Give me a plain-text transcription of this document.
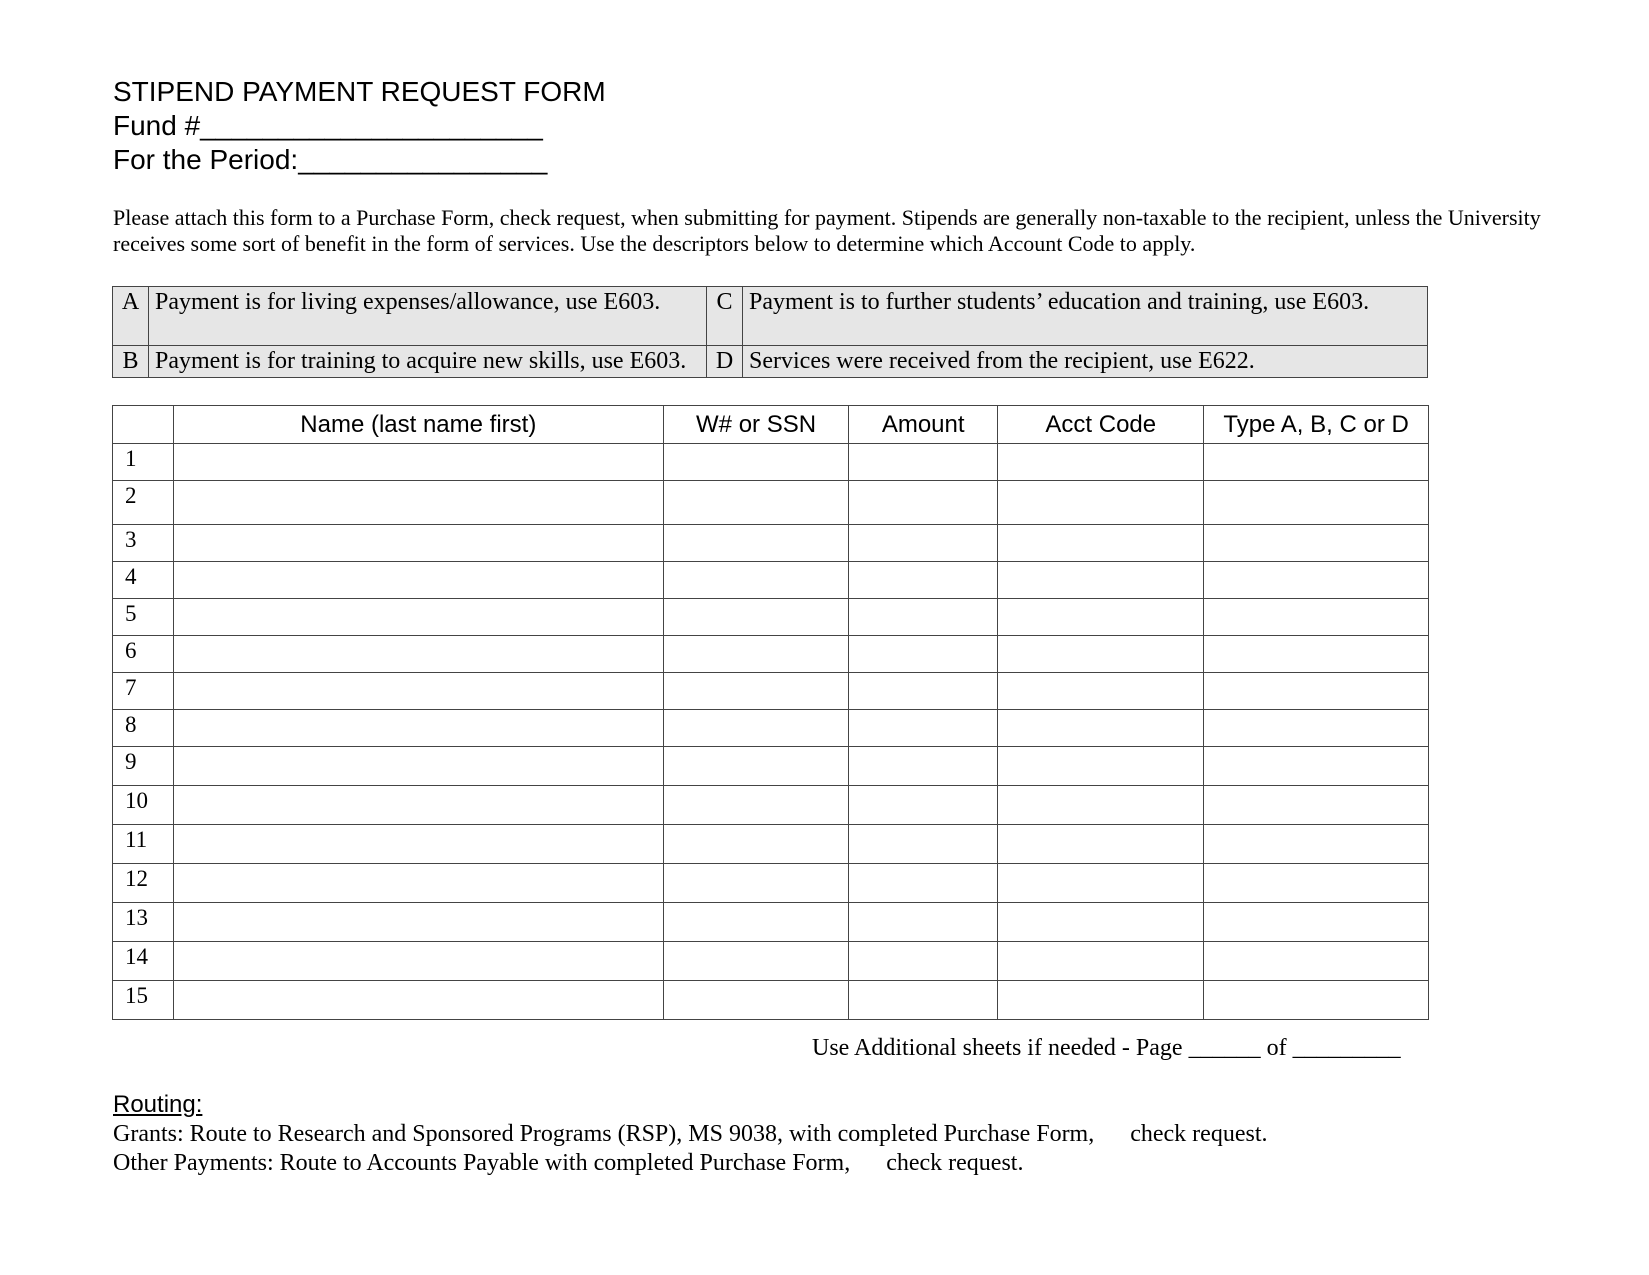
STIPEND PAYMENT REQUEST FORM
Fund #______________________
For the Period:________________
Please attach this form to a Purchase Form, check request, when submitting for payment. Stipends are generally non-taxable to the recipient, unless the University receives some sort of benefit in the form of services. Use the descriptors below to determine which Account Code to apply.
A	Payment is for living expenses/allowance, use E603.	C	Payment is to further students’ education and training, use E603.
B	Payment is for training to acquire new skills, use E603.	D	Services were received from the recipient, use E622.
	Name (last name first)	W# or SSN	Amount	Acct Code	Type A, B, C or D
1					
2					
3					
4					
5					
6					
7					
8					
9					
10					
11					
12					
13					
14					
15					
Use Additional sheets if needed - Page ______ of _________
Routing:
Grants: Route to Research and Sponsored Programs (RSP), MS 9038, with completed Purchase Form,      check request.
Other Payments: Route to Accounts Payable with completed Purchase Form,      check request.
